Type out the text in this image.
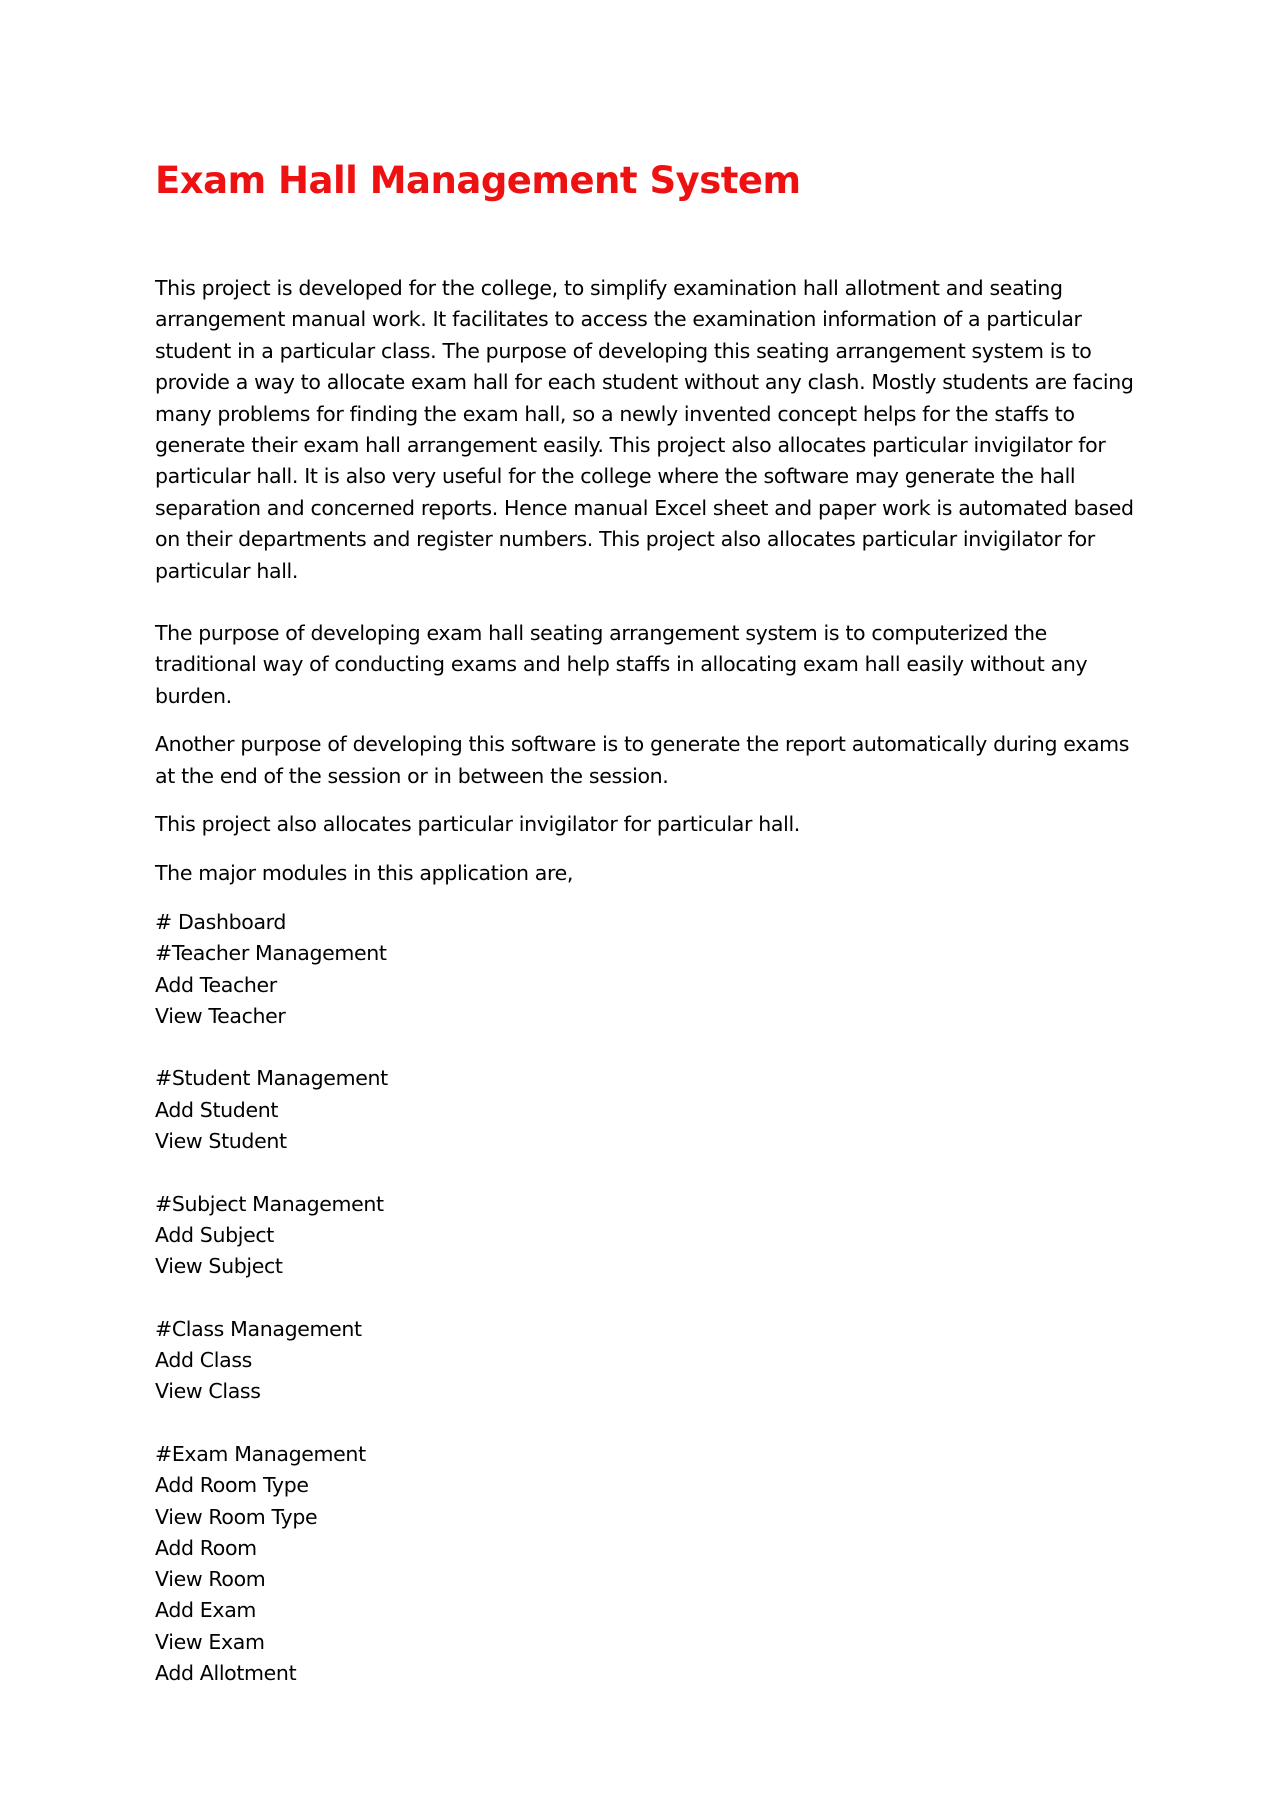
Exam Hall Management System

This project is developed for the college, to simplify examination hall allotment and seating arrangement manual work. It facilitates to access the examination information of a particular student in a particular class. The purpose of developing this seating arrangement system is to provide a way to allocate exam hall for each student without any clash. Mostly students are facing many problems for finding the exam hall, so a newly invented concept helps for the staffs to generate their exam hall arrangement easily. This project also allocates particular invigilator for particular hall. It is also very useful for the college where the software may generate the hall separation and concerned reports. Hence manual Excel sheet and paper work is automated based on their departments and register numbers. This project also allocates particular invigilator for particular hall.

The purpose of developing exam hall seating arrangement system is to computerized the traditional way of conducting exams and help staffs in allocating exam hall easily without any burden.

Another purpose of developing this software is to generate the report automatically during exams at the end of the session or in between the session.

This project also allocates particular invigilator for particular hall.

The major modules in this application are,

# Dashboard
#Teacher Management
Add Teacher
View Teacher
#Student Management
Add Student
View Student
#Subject Management
Add Subject
View Subject
#Class Management
Add Class
View Class
#Exam Management
Add Room Type
View Room Type
Add Room
View Room
Add Exam
View Exam
Add Allotment
